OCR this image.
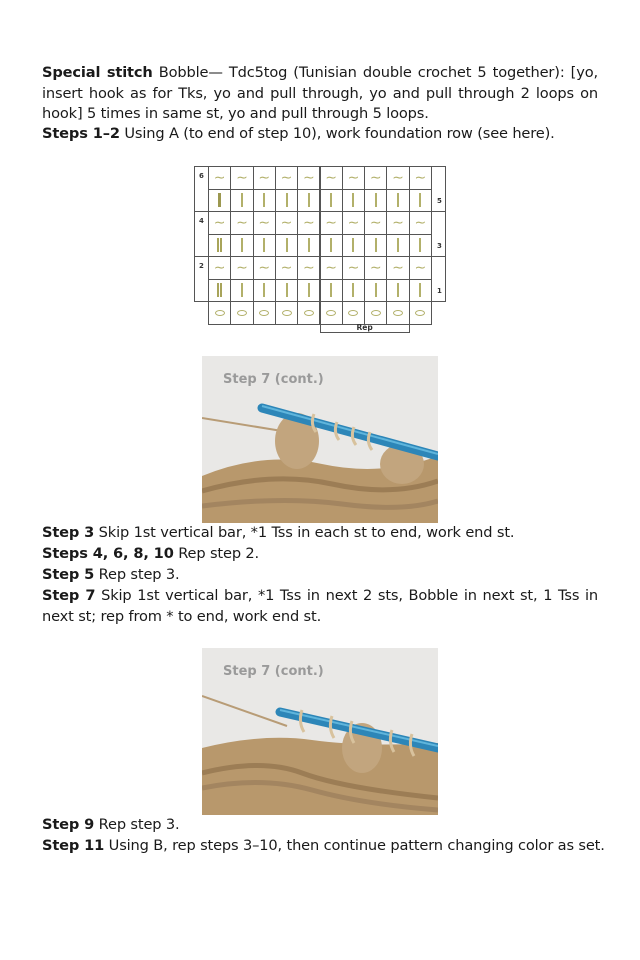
Special stitch Bobble— Tdc5tog (Tunisian double crochet 5 together): [yo, insert hook as for Tks, yo and pull through, yo and pull through 2 loops on hook] 5 times in same st, yo and pull through 5 loops.

Steps 1–2 Using A (to end of step 10), work foundation row (see here).

6
4
2
5
3
1
∼ ∼ ∼ ∼ ∼ ∼ ∼ ∼ ∼ ∼
∼ ∼ ∼ ∼ ∼ ∼ ∼ ∼ ∼ ∼
∼ ∼ ∼ ∼ ∼ ∼ ∼ ∼ ∼ ∼
Rep
Step 7 (cont.)

Step 3 Skip 1st vertical bar, *1 Tss in each st to end, work end st.

Steps 4, 6, 8, 10 Rep step 2.

Step 5 Rep step 3.

Step 7 Skip 1st vertical bar, *1 Tss in next 2 sts, Bobble in next st, 1 Tss in next st; rep from * to end, work end st.

Step 7 (cont.)

Step 9 Rep step 3.

Step 11 Using B, rep steps 3–10, then continue pattern changing color as set.
